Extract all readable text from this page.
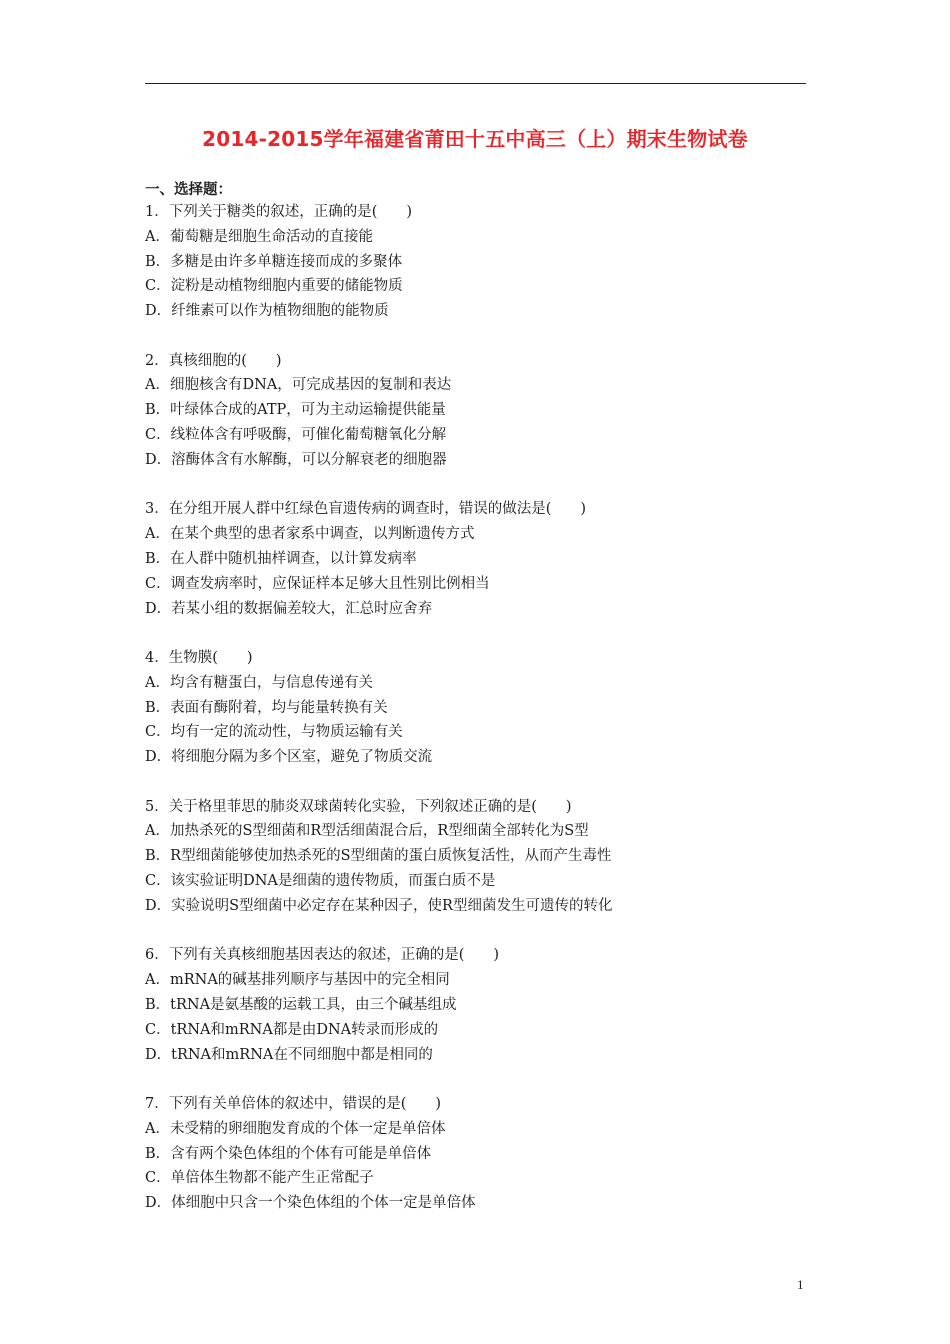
2014-2015学年福建省莆田十五中高三（上）期末生物试卷
一、选择题：
1．下列关于糖类的叙述，正确的是(　　)
A．葡萄糖是细胞生命活动的直接能
B．多糖是由许多单糖连接而成的多聚体
C．淀粉是动植物细胞内重要的储能物质
D．纤维素可以作为植物细胞的能物质
2．真核细胞的(　　)
A．细胞核含有DNA，可完成基因的复制和表达
B．叶绿体合成的ATP，可为主动运输提供能量
C．线粒体含有呼吸酶，可催化葡萄糖氧化分解
D．溶酶体含有水解酶，可以分解衰老的细胞器
3．在分组开展人群中红绿色盲遗传病的调查时，错误的做法是(　　)
A．在某个典型的患者家系中调查，以判断遗传方式
B．在人群中随机抽样调查，以计算发病率
C．调查发病率时，应保证样本足够大且性别比例相当
D．若某小组的数据偏差较大，汇总时应舍弃
4．生物膜(　　)
A．均含有糖蛋白，与信息传递有关
B．表面有酶附着，均与能量转换有关
C．均有一定的流动性，与物质运输有关
D．将细胞分隔为多个区室，避免了物质交流
5．关于格里菲思的肺炎双球菌转化实验，下列叙述正确的是(　　)
A．加热杀死的S型细菌和R型活细菌混合后，R型细菌全部转化为S型
B．R型细菌能够使加热杀死的S型细菌的蛋白质恢复活性，从而产生毒性
C．该实验证明DNA是细菌的遗传物质，而蛋白质不是
D．实验说明S型细菌中必定存在某种因子，使R型细菌发生可遗传的转化
6．下列有关真核细胞基因表达的叙述，正确的是(　　)
A．mRNA的碱基排列顺序与基因中的完全相同
B．tRNA是氨基酸的运载工具，由三个碱基组成
C．tRNA和mRNA都是由DNA转录而形成的
D．tRNA和mRNA在不同细胞中都是相同的
7．下列有关单倍体的叙述中，错误的是(　　)
A．未受精的卵细胞发育成的个体一定是单倍体
B．含有两个染色体组的个体有可能是单倍体
C．单倍体生物都不能产生正常配子
D．体细胞中只含一个染色体组的个体一定是单倍体
1
